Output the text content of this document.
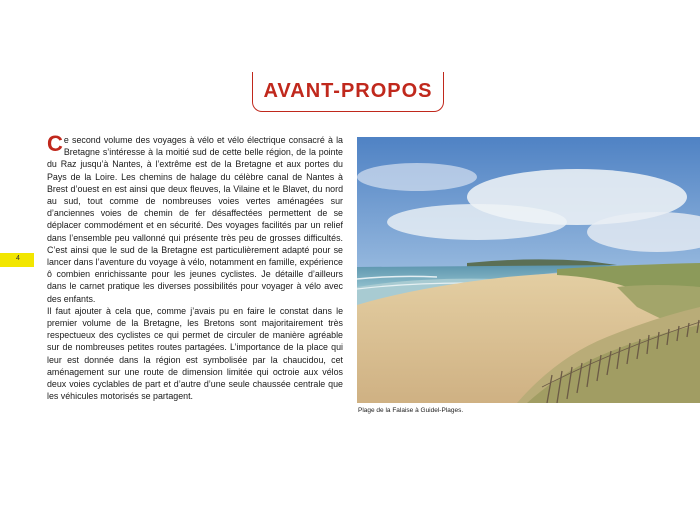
AVANT-PROPOS
4

Ce second volume des voyages à vélo et vélo électrique consacré à la Bretagne s’intéresse à la moitié sud de cette belle région, de la pointe du Raz jusqu’à Nantes, à l’extrême est de la Bretagne et aux portes du Pays de la Loire. Les chemins de halage du célèbre canal de Nantes à Brest d’ouest en est ainsi que deux fleuves, la Vilaine et le Blavet, du nord au sud, tout comme de nombreuses voies vertes aménagées sur d’anciennes voies de chemin de fer désaffectées permettent de se déplacer commodément et en sécurité. Des voyages facilités par un relief dans l’ensemble peu vallonné qui présente très peu de grosses difficultés. C’est ainsi que le sud de la Bretagne est particulièrement adapté pour se lancer dans l’aventure du voyage à vélo, notamment en famille, expérience ô combien enrichissante pour les jeunes cyclistes. Je détaille d’ailleurs dans le carnet pratique les diverses possibilités pour voyager à vélo avec des enfants.

Il faut ajouter à cela que, comme j’avais pu en faire le constat dans le premier volume de la Bretagne, les Bretons sont majoritairement très respectueux des cyclistes ce qui permet de circuler de manière agréable sur de nombreuses petites routes partagées. L’importance de la place qui leur est donnée dans la région est symbolisée par la chaucidou, cet aménagement sur une route de dimension limitée qui octroie aux vélos deux voies cyclables de part et d’autre d’une seule chaussée centrale que les véhicules motorisés se partagent.

Plage de la Falaise à Guidel-Plages.
